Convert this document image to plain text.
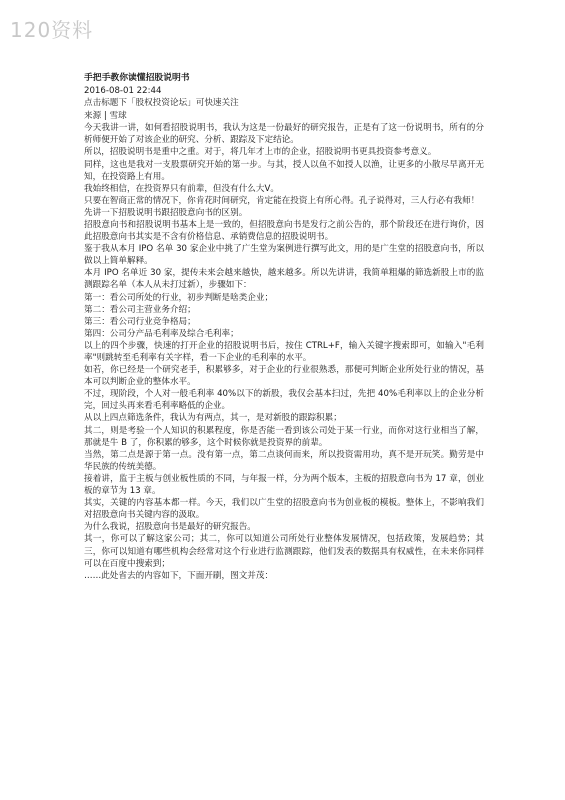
120资料
手把手教你读懂招股说明书
2016-08-01 22:44
点击标题下「股权投资论坛」可快速关注
来源 | 雪球

今天我讲一讲，如何看招股说明书，我认为这是一份最好的研究报告，正是有了这一份说明书，所有的分析师便开始了对该企业的研究、分析、跟踪及下定结论。

所以，招股说明书是重中之重。对于，将几年才上市的企业，招股说明书更具投资参考意义。

同样，这也是我对一支股票研究开始的第一步。与其，授人以鱼不如授人以渔，让更多的小散尽早离开无知，在投资路上有用。

我始终相信，在投资界只有前辈，但没有什么大V。

只要在智商正常的情况下，你肯花时间研究，肯定能在投资上有所心得。孔子说得对，三人行必有我师！

先讲一下招股说明书跟招股意向书的区别。

招股意向书和招股说明书基本上是一致的，但招股意向书是发行之前公告的，那个阶段还在进行询价，因此招股意向书其实是不含有价格信息、承销费信息的招股说明书。

鉴于我从本月 IPO 名单 30 家企业中挑了广生堂为案例进行撰写此文，用的是广生堂的招股意向书，所以做以上简单解释。

本月 IPO 名单近 30 家，提传未来会越来越快，越来越多。所以先讲讲，我简单粗爆的筛选新股上市的监测跟踪名单（本人从未打过新），步骤如下：

第一：看公司所处的行业，初步判断是啥类企业；

第二：看公司主营业务介绍；

第三：看公司行业竞争格局；

第四：公司分产品毛利率及综合毛利率；

以上的四个步骤，快速的打开企业的招股说明书后，按住 CTRL+F，输入关键字搜索即可，如输入"毛利率"则跳转至毛利率有关字样，看一下企业的毛利率的水平。

如若，你已经是一个研究老手，积累够多，对于企业的行业很熟悉，那便可判断企业所处行业的情况，基本可以判断企业的整体水平。

不过，现阶段，个人对一般毛利率 40%以下的新股，我仅会基本扫过，先把 40%毛利率以上的企业分析完，回过头再来看毛利率略低的企业。

从以上四点筛选条件，我认为有两点，其一，是对新股的跟踪积累；

其二，则是考验一个人知识的积累程度，你是否能一看到该公司处于某一行业，而你对这行业相当了解，那就是牛 B 了，你积累的够多，这个时候你就是投资界的前辈。

当然，第二点是源于第一点。没有第一点，第二点谈何而来，所以投资需用功，真不是开玩笑。勤劳是中华民族的传统美德。

接着讲，监于主板与创业板性质的不同，与年报一样，分为两个版本，主板的招股意向书为 17 章，创业板的章节为 13 章。

其实，关键的内容基本都一样。今天，我们以广生堂的招股意向书为创业板的模板。整体上，不影响我们对招股意向书关键内容的汲取。

为什么我说，招股意向书是最好的研究报告。

其一，你可以了解这家公司；其二，你可以知道公司所处行业整体发展情况，包括政策，发展趋势；其三，你可以知道有哪些机构会经常对这个行业进行监测跟踪，他们发表的数据具有权威性，在未来你同样可以在百度中搜索到；

……此处省去的内容如下，下面开刷，图文并茂：
